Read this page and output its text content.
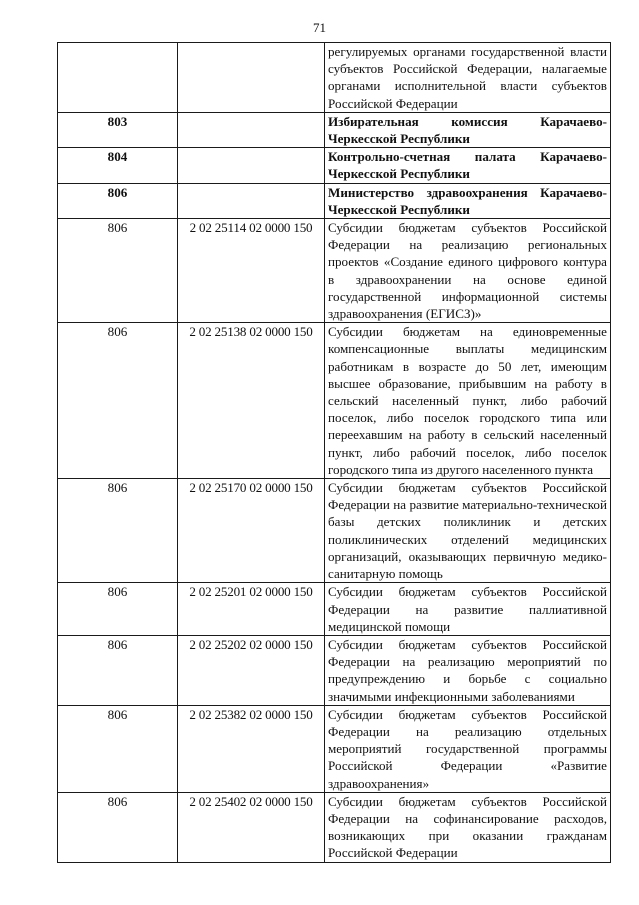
71

		регулируемых органами государственной власти субъектов Российской Федерации, налагаемые органами исполнительной власти субъектов Российской Федерации

803		Избирательная комиссия Карачаево-Черкесской Республики

804		Контрольно-счетная палата Карачаево-Черкесской Республики

806		Министерство здравоохранения Карачаево-Черкесской Республики

806	2 02 25114 02 0000 150	Субсидии бюджетам субъектов Российской Федерации на реализацию региональных проектов «Создание единого цифрового контура в здравоохранении на основе единой государственной информационной системы здравоохранения (ЕГИСЗ)»

806	2 02 25138 02 0000 150	Субсидии бюджетам на единовременные компенсационные выплаты медицинским работникам в возрасте до 50 лет, имеющим высшее образование, прибывшим на работу в сельский населенный пункт, либо рабочий поселок, либо поселок городского типа или переехавшим на работу в сельский населенный пункт, либо рабочий поселок, либо поселок городского типа из другого населенного пункта

806	2 02 25170 02 0000 150	Субсидии бюджетам субъектов Российской Федерации на развитие материально-технической базы детских поликлиник и детских поликлинических отделений медицинских организаций, оказывающих первичную медико-санитарную помощь

806	2 02 25201 02 0000 150	Субсидии бюджетам субъектов Российской Федерации на развитие паллиативной медицинской помощи

806	2 02 25202 02 0000 150	Субсидии бюджетам субъектов Российской Федерации на реализацию мероприятий по предупреждению и борьбе с социально значимыми инфекционными заболеваниями

806	2 02 25382 02 0000 150	Субсидии бюджетам субъектов Российской Федерации на реализацию отдельных мероприятий государственной программы Российской Федерации «Развитие здравоохранения»

806	2 02 25402 02 0000 150	Субсидии бюджетам субъектов Российской Федерации на софинансирование расходов, возникающих при оказании гражданам Российской Федерации
